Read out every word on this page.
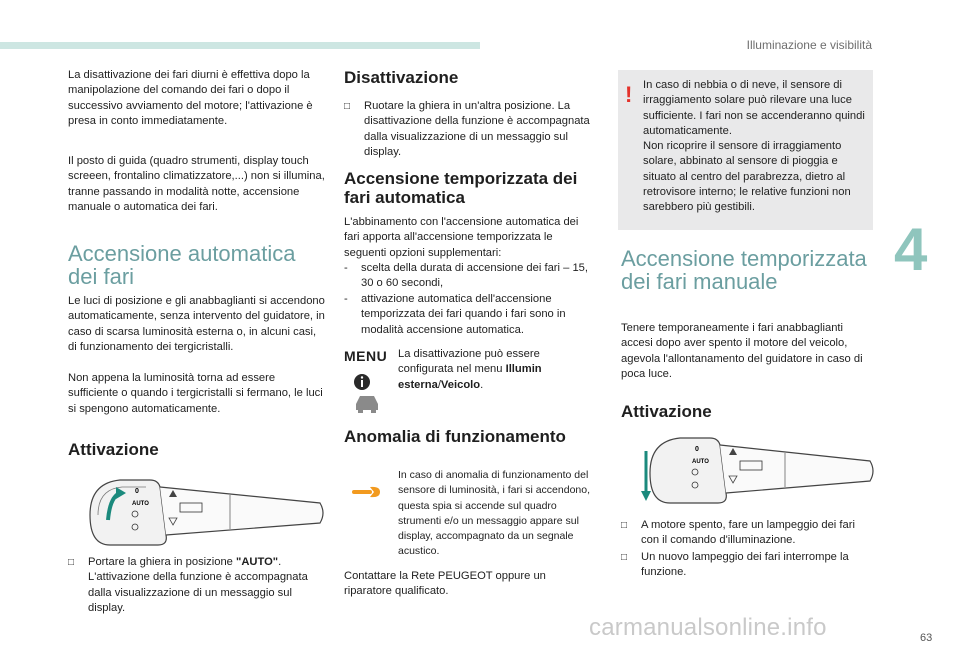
Illuminazione e visibilità
4
63

La disattivazione dei fari diurni è effettiva dopo la manipolazione del comando dei fari o dopo il successivo avviamento del motore; l'attivazione è presa in conto immediatamente.

Il posto di guida (quadro strumenti, display touch screeen, frontalino climatizzatore,...) non si illumina, tranne passando in modalità notte, accensione manuale o automatica dei fari.

Accensione automatica dei fari

Le luci di posizione e gli anabbaglianti si accendono automaticamente, senza intervento del guidatore, in caso di scarsa luminosità esterna o, in alcuni casi, di funzionamento dei tergicristalli.

Non appena la luminosità torna ad essere sufficiente o quando i tergicristalli si fermano, le luci si spengono automaticamente.

Attivazione
0
AUTO
□	Portare la ghiera in posizione "AUTO". L'attivazione della funzione è accompagnata dalla visualizzazione di un messaggio sul display.
Disattivazione
□	Ruotare la ghiera in un'altra posizione. La disattivazione della funzione è accompagnata dalla visualizzazione di un messaggio sul display.
Accensione temporizzata dei fari automatica

L'abbinamento con l'accensione automatica dei fari apporta all'accensione temporizzata le seguenti opzioni supplementari:

-	scelta della durata di accensione dei fari – 15, 30 o 60 secondi,
-	attivazione automatica dell'accensione temporizzata dei fari quando i fari sono in modalità accensione automatica.
MENU La disattivazione può essere configurata nel menu Illumin esterna/Veicolo.

Anomalia di funzionamento

In caso di anomalia di funzionamento del sensore di luminosità, i fari si accendono, questa spia si accende sul quadro strumenti e/o un messaggio appare sul display, accompagnato da un segnale acustico.

Contattare la Rete PEUGEOT oppure un riparatore qualificato.

! In caso di nebbia o di neve, il sensore di irraggiamento solare può rilevare una luce sufficiente. I fari non se accenderanno quindi automaticamente.

Non ricoprire il sensore di irraggiamento solare, abbinato al sensore di pioggia e situato al centro del parabrezza, dietro al retrovisore interno; le relative funzioni non sarebbero più gestibili.

Accensione temporizzata dei fari manuale

Tenere temporaneamente i fari anabbaglianti accesi dopo aver spento il motore del veicolo, agevola l'allontanamento del guidatore in caso di poca luce.

Attivazione
0
AUTO
□	A motore spento, fare un lampeggio dei fari con il comando d'illuminazione.
□	Un nuovo lampeggio dei fari interrompe la funzione.
carmanualsonline.info
